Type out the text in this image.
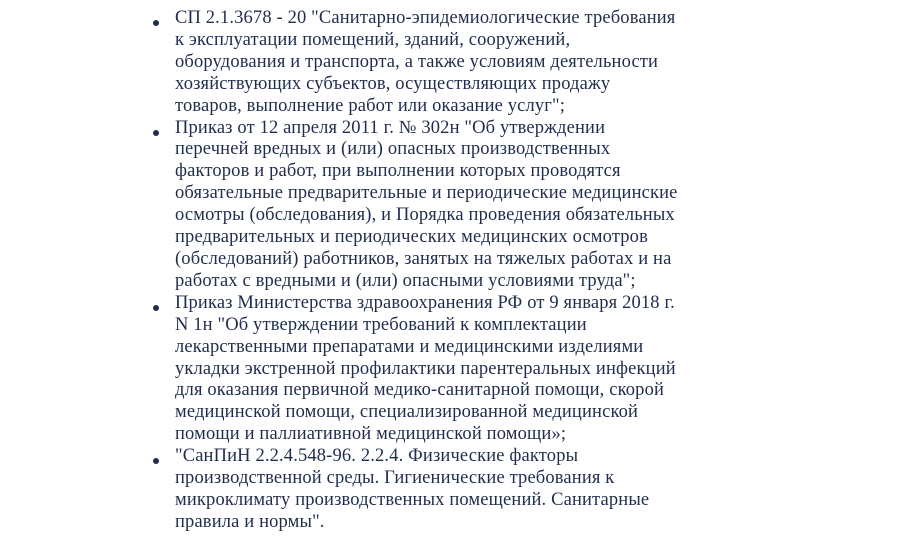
СП 2.1.3678 - 20 "Санитарно-эпидемиологические требования
к эксплуатации помещений, зданий, сооружений,
оборудования и транспорта, а также условиям деятельности
хозяйствующих субъектов, осуществляющих продажу
товаров, выполнение работ или оказание услуг";
Приказ от 12 апреля 2011 г. № 302н "Об утверждении
перечней вредных и (или) опасных производственных
факторов и работ, при выполнении которых проводятся
обязательные предварительные и периодические медицинские
осмотры (обследования), и Порядка проведения обязательных
предварительных и периодических медицинских осмотров
(обследований) работников, занятых на тяжелых работах и на
работах с вредными и (или) опасными условиями труда";
Приказ Министерства здравоохранения РФ от 9 января 2018 г.
N 1н "Об утверждении требований к комплектации
лекарственными препаратами и медицинскими изделиями
укладки экстренной профилактики парентеральных инфекций
для оказания первичной медико-санитарной помощи, скорой
медицинской помощи, специализированной медицинской
помощи и паллиативной медицинской помощи»;
"СанПиН 2.2.4.548-96. 2.2.4. Физические факторы
производственной среды. Гигиенические требования к
микроклимату производственных помещений. Санитарные
правила и нормы".
